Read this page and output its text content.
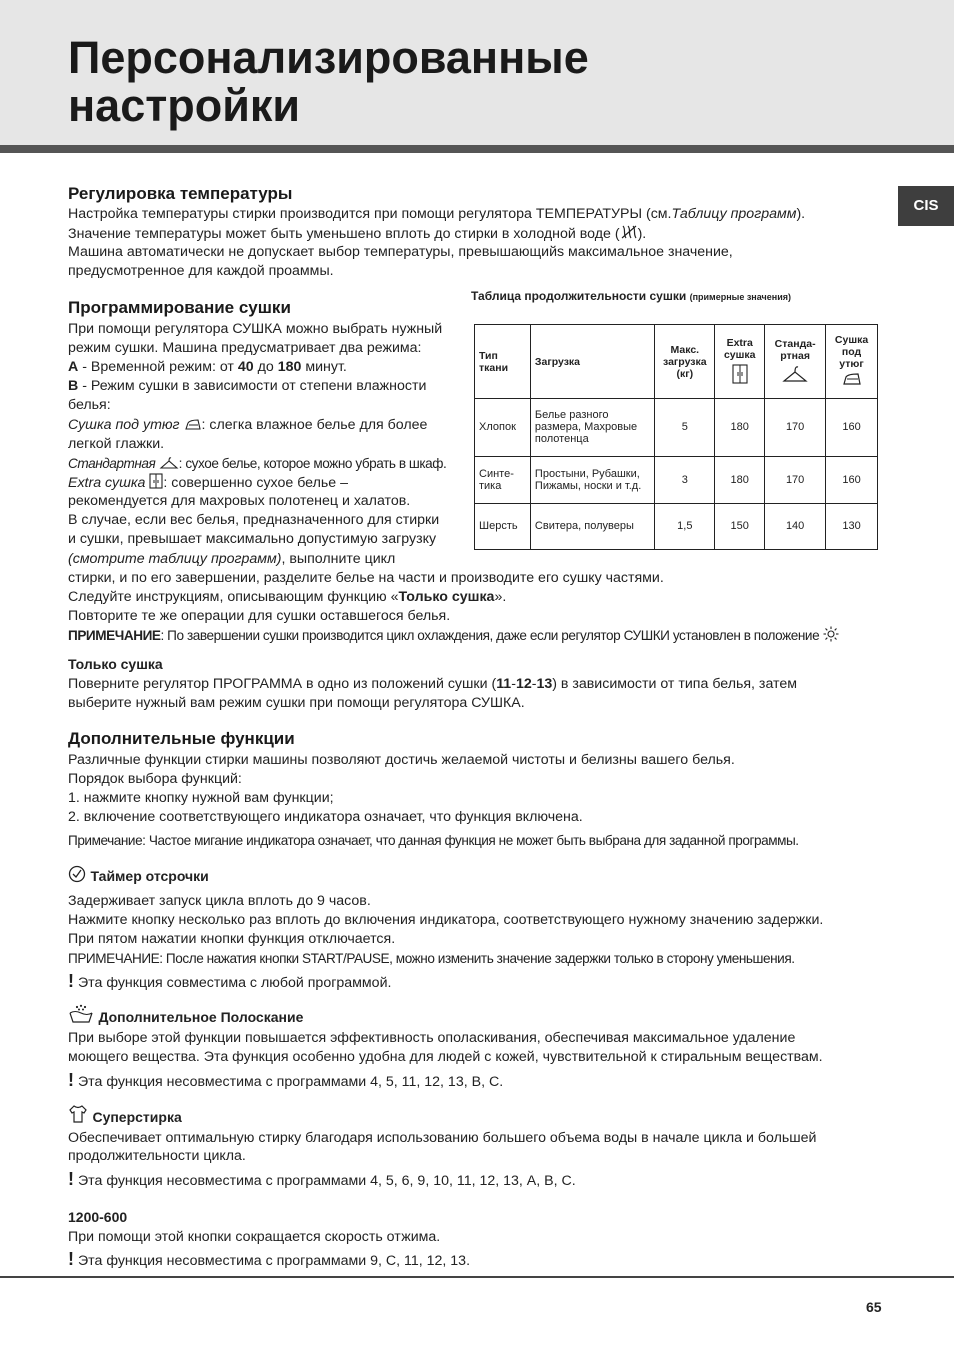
Персонализированные
настройки
CIS
Регулировка температуры

Настройка температуры стирки производится при помощи регулятора ТЕМПЕРАТУРЫ (см.Таблицу программ).

Значение температуры может быть уменьшено вплоть до стирки в холодной воде ( ).

Машина автоматически не допускает выбор температуры, превышающийs максимальное значение,

предусмотренное для каждой проаммы.

Программирование сушки

При помощи регулятора СУШКА можно выбрать нужный

режим сушки. Машина предусматривает два режима:

A - Временной режим: от 40 до 180 минут.

B - Режим сушки в зависимости от степени влажности

белья:

Сушка под утюг : слегка влажное белье для более

легкой глажки.

Стандартная : сухое белье, которое можно убрать в шкаф.

Extra сушка : совершенно сухое белье –

рекомендуется для махровых полотенец и халатов.

В случае, если вес белья, предназначенного для стирки

и сушки, превышает максимально допустимую загрузку

(смотрите таблицу программ), выполните цикл

стирки, и по его завершении, разделите белье на части и производите его сушку частями.

Следуйте инструкциям, описывающим функцию «Только сушка».

Повторите те же операции для сушки оставшегося белья.

ПРИМЕЧАНИЕ: По завершении сушки производится цикл охлаждения, даже если регулятор СУШКИ установлен в положение

Таблица продолжительности сушки (примерные значения)
Тип ткани	Загрузка	Макс. загрузка (кг)	Extra сушка	Станда-ртная	Сушка под утюг

Хлопок	Белье разного размера, Махровые полотенца	5	180	170	160
Синте-тика	Простыни, Рубашки, Пижамы, носки и т.д.	3	180	170	160
Шерсть	Свитера, полуверы	1,5	150	140	130
Только сушка

Поверните регулятор ПРОГРАММА в одно из положений сушки (11-12-13) в зависимости от типа белья, затем

выберите нужный вам режим сушки при помощи регулятора СУШКА.

Дополнительные функции

Различные функции стирки машины позволяют достичь желаемой чистоты и белизны вашего белья.

Порядок выбора функций:

1. нажмите кнопку нужной вам функции;

2. включение соответствующего индикатора означает, что функция включена.

Примечание: Частое мигание индикатора означает, что данная функция не может быть выбрана для заданной программы.

Таймер отсрочки

Задерживает запуск цикла вплоть до 9 часов.

Нажмите кнопку несколько раз вплоть до включения индикатора, соответствующего нужному значению задержки.

При пятом нажатии кнопки функция отключается.

ПРИМЕЧАНИЕ: После нажатия кнопки START/PAUSE, можно изменить значение задержки только в сторону уменьшения.

! Эта функция совместима с любой программой.

Дополнительное Полоскание

При выборе этой функции повышается эффективность ополаскивания, обеспечивая максимальное удаление

моющего вещества. Эта функция особенно удобна для людей с кожей, чувствительной к стиральным веществам.

! Эта функция несовместима с программами 4, 5, 11, 12, 13, B, C.

Суперстирка

Обеспечивает оптимальную стирку благодаря использованию большего объема воды в начале цикла и большей

продолжительности цикла.

! Эта функция несовместима с программами 4, 5, 6, 9, 10, 11, 12, 13, A, B, C.

1200-600

При помощи этой кнопки сокращается скорость отжима.

! Эта функция несовместима с программами 9, C, 11, 12, 13.

65
